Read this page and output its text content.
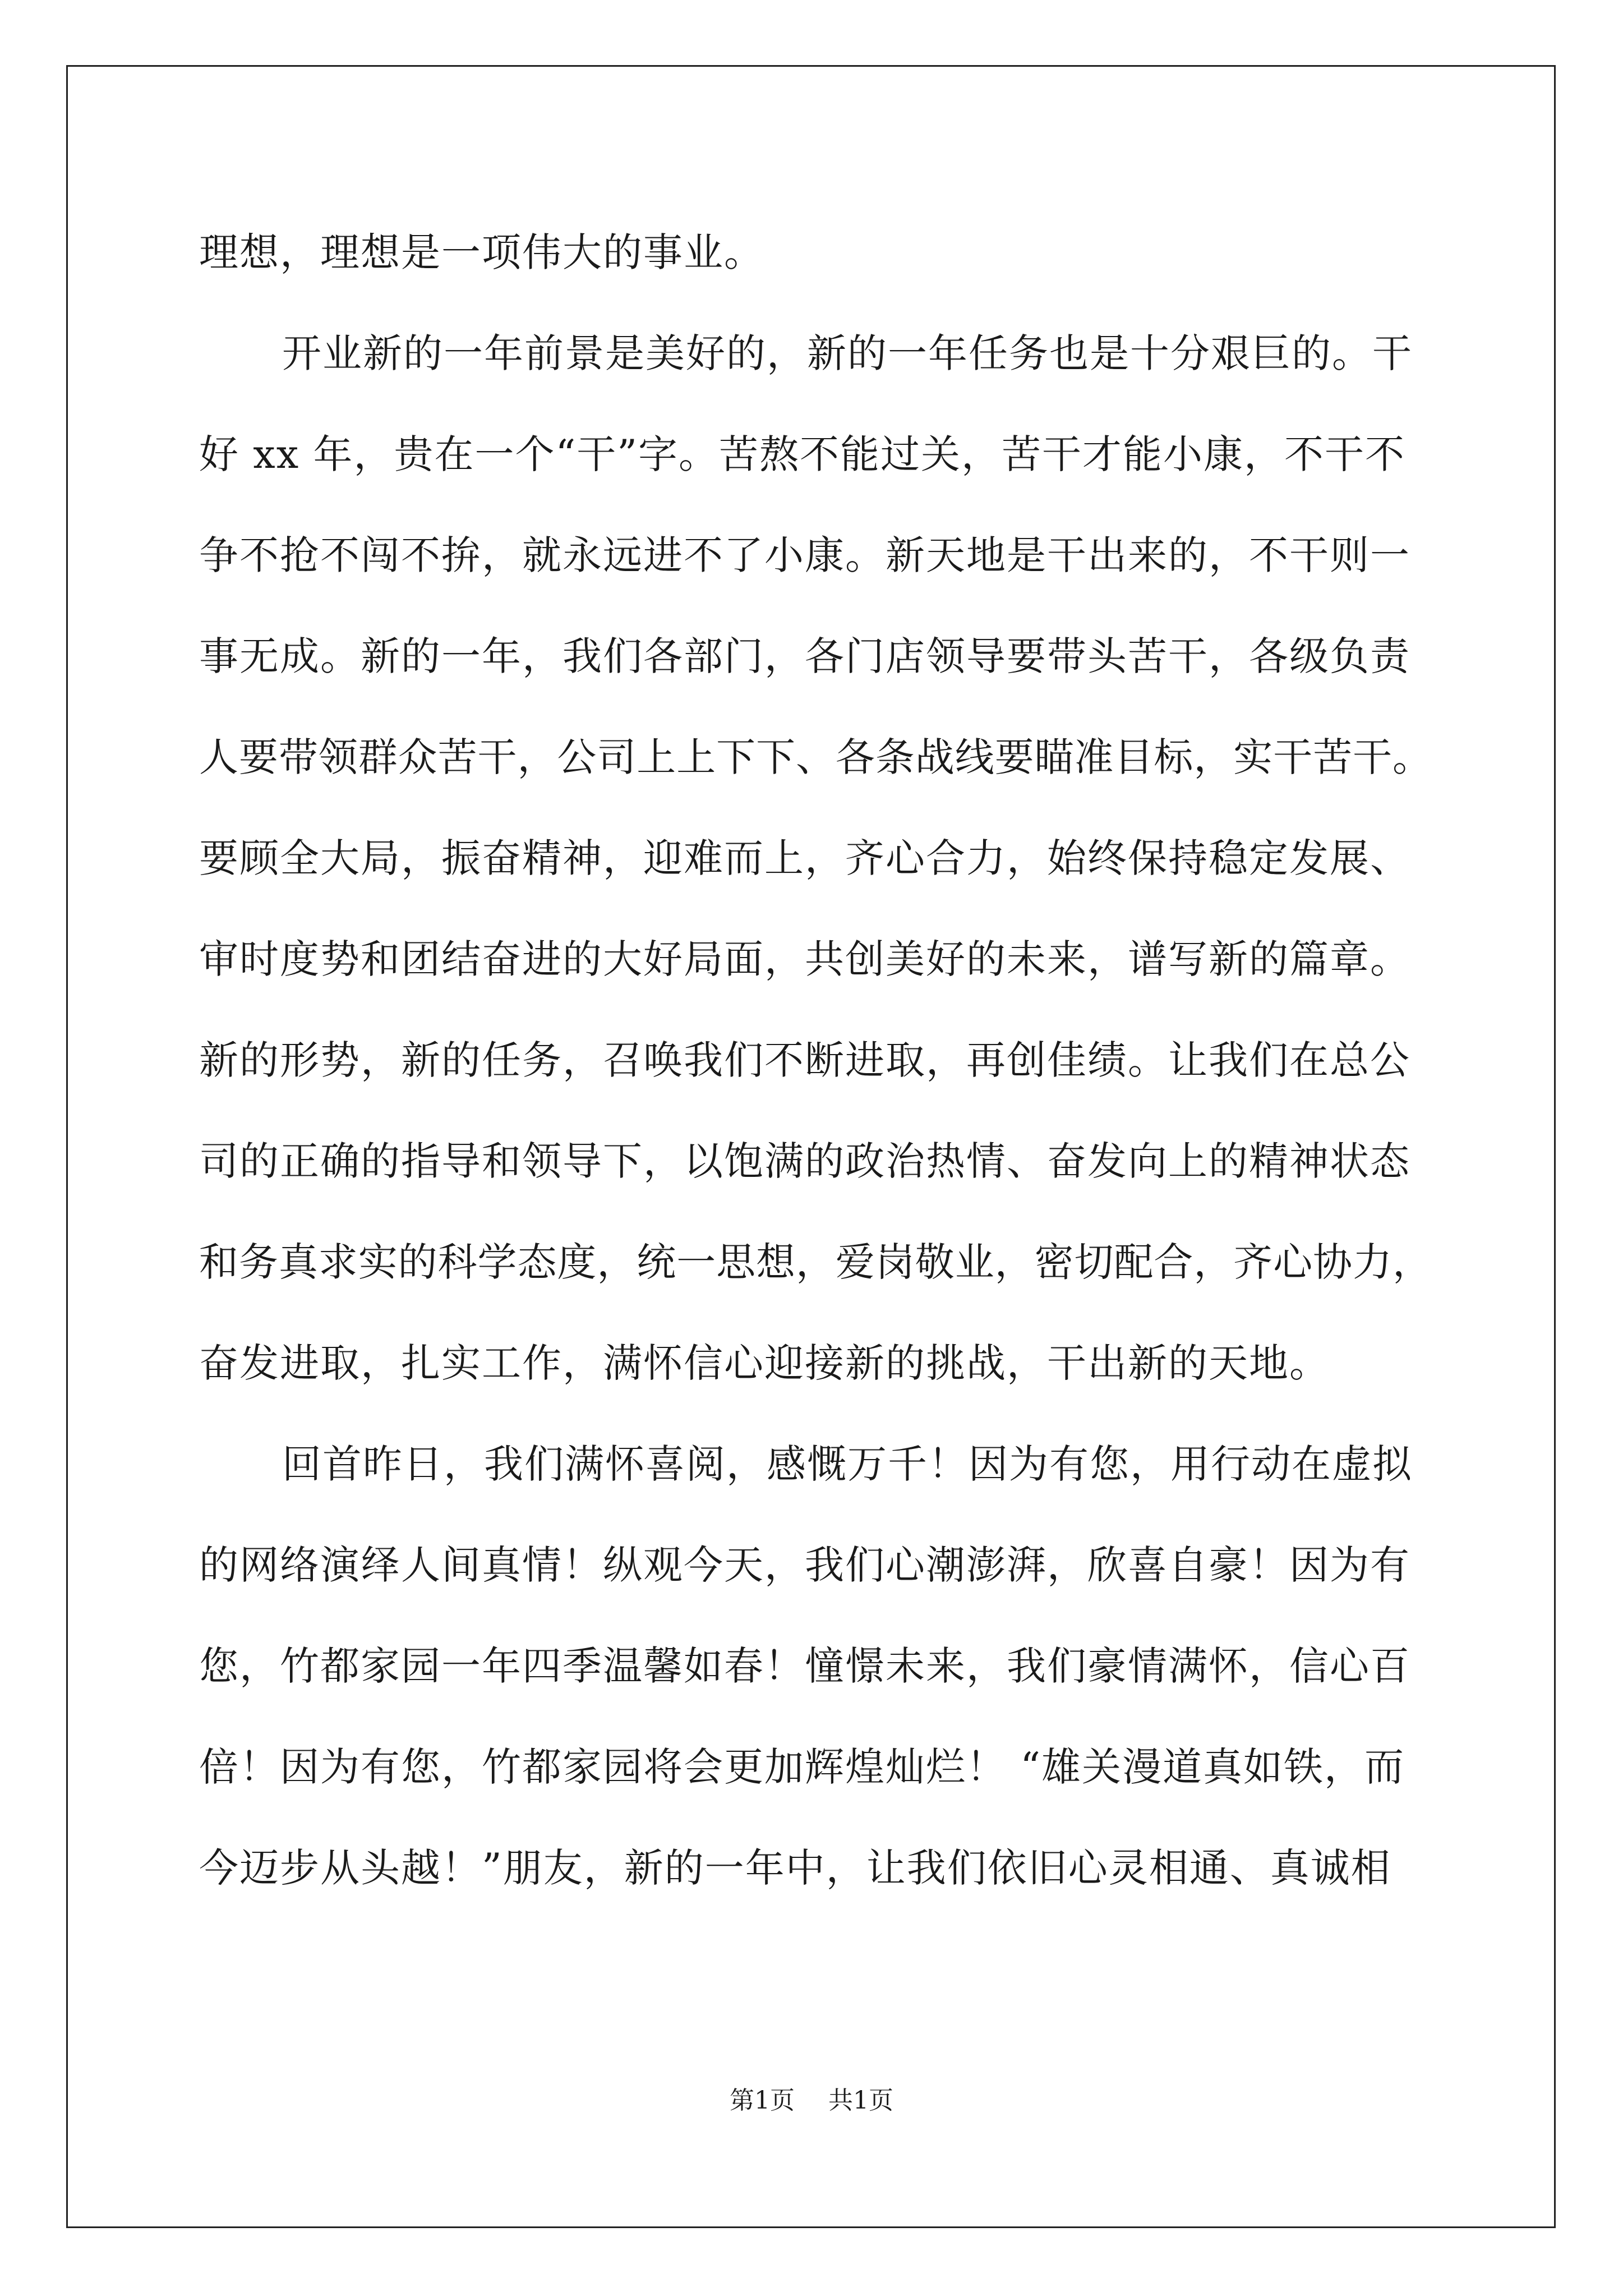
理想，理想是一项伟大的事业。
开业新的一年前景是美好的，新的一年任务也是十分艰巨的。干
好 xx 年，贵在一个“干”字。苦熬不能过关，苦干才能小康，不干不
争不抢不闯不拚，就永远进不了小康。新天地是干出来的，不干则一
事无成。新的一年，我们各部门，各门店领导要带头苦干，各级负责
人要带领群众苦干，公司上上下下、各条战线要瞄准目标，实干苦干。
要顾全大局，振奋精神，迎难而上，齐心合力，始终保持稳定发展、
审时度势和团结奋进的大好局面，共创美好的未来，谱写新的篇章。
新的形势，新的任务，召唤我们不断进取，再创佳绩。让我们在总公
司的正确的指导和领导下，以饱满的政治热情、奋发向上的精神状态
和务真求实的科学态度，统一思想，爱岗敬业，密切配合，齐心协力，
奋发进取，扎实工作，满怀信心迎接新的挑战，干出新的天地。
回首昨日，我们满怀喜阅，感慨万千！因为有您，用行动在虚拟
的网络演绎人间真情！纵观今天，我们心潮澎湃，欣喜自豪！因为有
您，竹都家园一年四季温馨如春！憧憬未来，我们豪情满怀，信心百
倍！因为有您，竹都家园将会更加辉煌灿烂！ “雄关漫道真如铁，而
今迈步从头越！”朋友，新的一年中，让我们依旧心灵相通、真诚相
第1页 共1页
